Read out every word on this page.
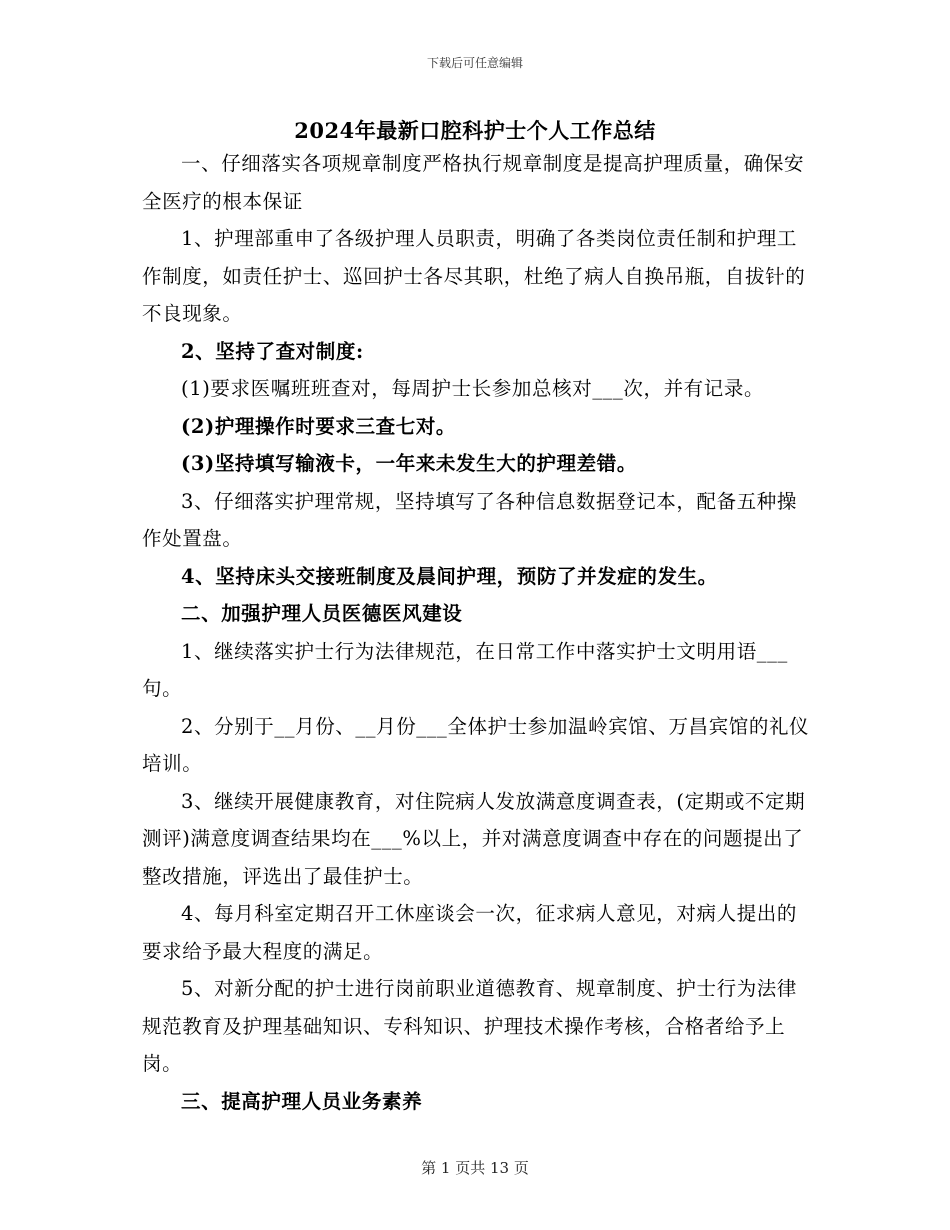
下载后可任意编辑
2024年最新口腔科护士个人工作总结

一、仔细落实各项规章制度严格执行规章制度是提高护理质量，确保安全医疗的根本保证

1、护理部重申了各级护理人员职责，明确了各类岗位责任制和护理工作制度，如责任护士、巡回护士各尽其职，杜绝了病人自换吊瓶，自拔针的不良现象。

2、坚持了查对制度:

(1)要求医嘱班班查对，每周护士长参加总核对___次，并有记录。

(2)护理操作时要求三查七对。

(3)坚持填写输液卡，一年来未发生大的护理差错。

3、仔细落实护理常规，坚持填写了各种信息数据登记本，配备五种操作处置盘。

4、坚持床头交接班制度及晨间护理，预防了并发症的发生。

二、加强护理人员医德医风建设

1、继续落实护士行为法律规范，在日常工作中落实护士文明用语___句。

2、分别于__月份、__月份___全体护士参加温岭宾馆、万昌宾馆的礼仪培训。

3、继续开展健康教育，对住院病人发放满意度调查表，(定期或不定期测评)满意度调查结果均在___%以上，并对满意度调查中存在的问题提出了整改措施，评选出了最佳护士。

4、每月科室定期召开工休座谈会一次，征求病人意见，对病人提出的要求给予最大程度的满足。

5、对新分配的护士进行岗前职业道德教育、规章制度、护士行为法律规范教育及护理基础知识、专科知识、护理技术操作考核，合格者给予上岗。

三、提高护理人员业务素养

第 1 页共 13 页
